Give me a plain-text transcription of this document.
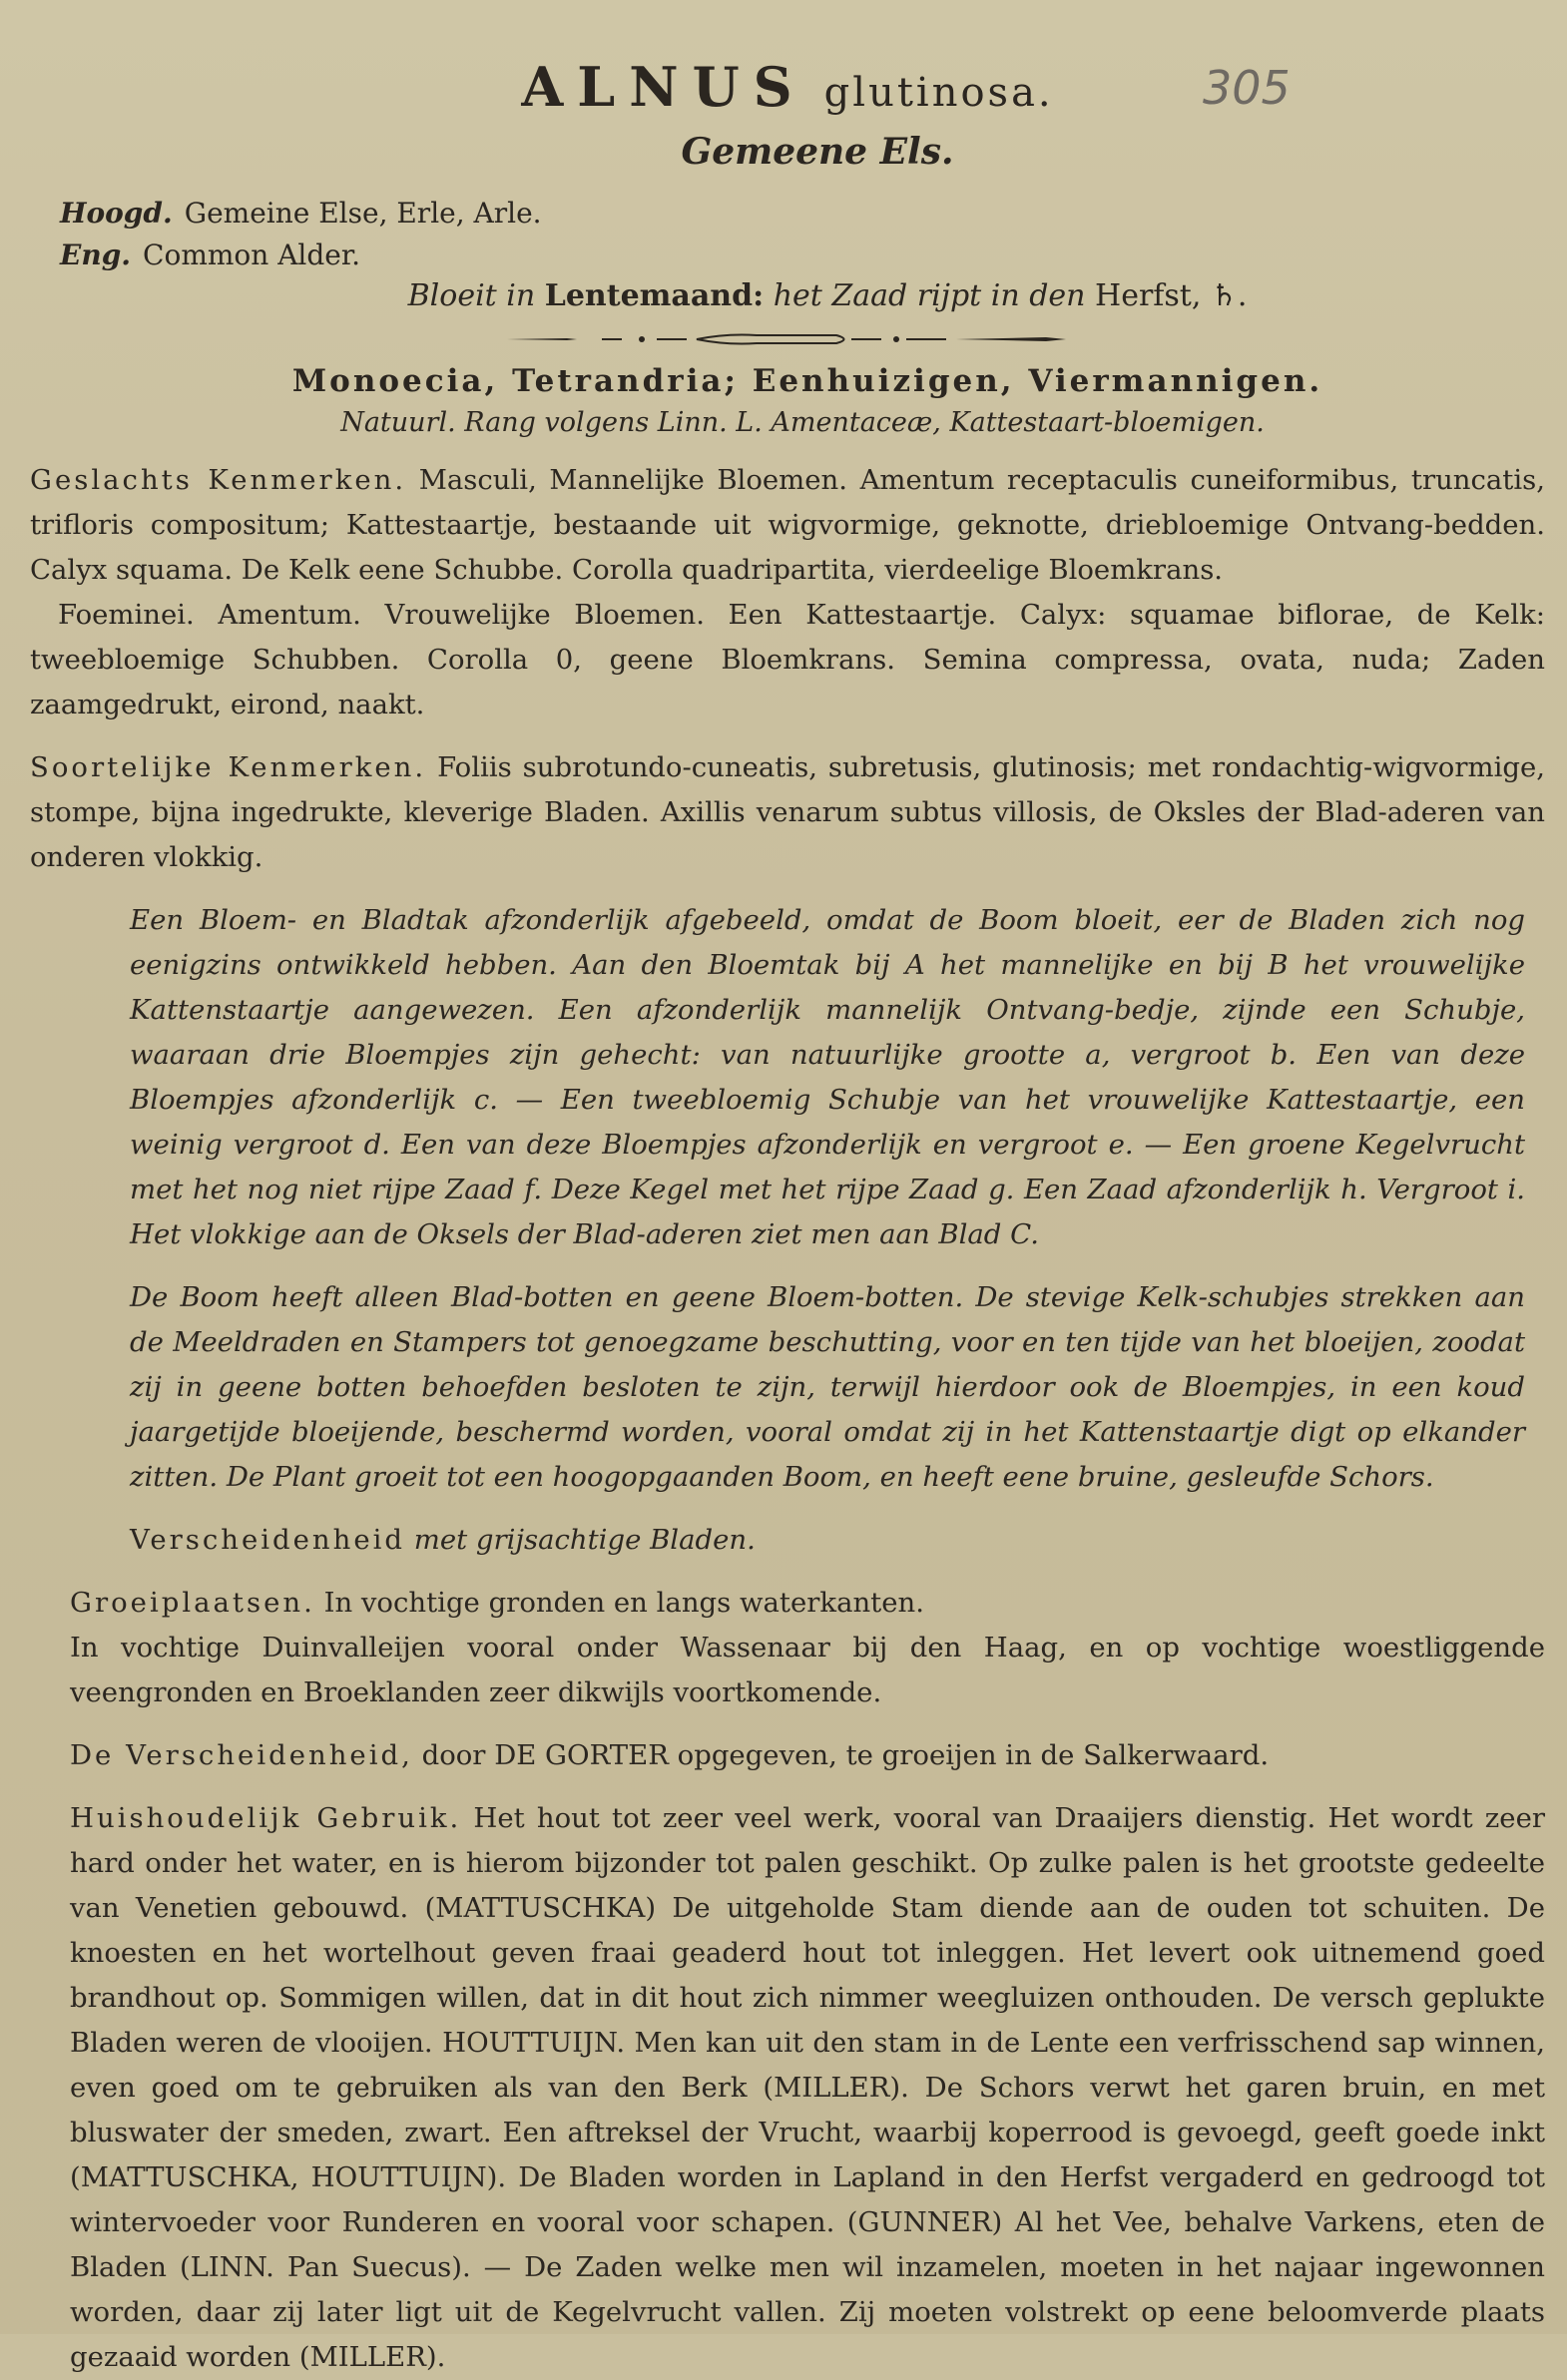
ALNUS glutinosa.	305
Gemeene Els.
Hoogd. Gemeine Else, Erle, Arle.
Eng. Common Alder.
Bloeit in Lentemaand: het Zaad rijpt in den Herfst, ♄.
Monoecia, Tetrandria; Eenhuizigen, Viermannigen.
Natuurl. Rang volgens Linn. L. Amentaceæ, Kattestaart-bloemigen.

Geslachts Kenmerken. Masculi, Mannelijke Bloemen. Amentum receptaculis cuneiformibus, truncatis, trifloris compositum; Kattestaartje, bestaande uit wigvormige, geknotte, driebloemige Ontvang-bedden. Calyx squama. De Kelk eene Schubbe. Corolla quadripartita, vierdeelige Bloemkrans.

Foeminei. Amentum. Vrouwelijke Bloemen. Een Kattestaartje. Calyx: squamae biflorae, de Kelk: tweebloemige Schubben. Corolla 0, geene Bloemkrans. Semina compressa, ovata, nuda; Zaden zaamgedrukt, eirond, naakt.

Soortelijke Kenmerken. Foliis subrotundo-cuneatis, subretusis, glutinosis; met rondachtig-wigvormige, stompe, bijna ingedrukte, kleverige Bladen. Axillis venarum subtus villosis, de Oksles der Blad-aderen van onderen vlokkig.

Een Bloem- en Bladtak afzonderlijk afgebeeld, omdat de Boom bloeit, eer de Bladen zich nog eenigzins ontwikkeld hebben. Aan den Bloemtak bij A het mannelijke en bij B het vrouwelijke Kattenstaartje aangewezen. Een afzonderlijk mannelijk Ontvang-bedje, zijnde een Schubje, waaraan drie Bloempjes zijn gehecht: van natuurlijke grootte a, vergroot b. Een van deze Bloempjes afzonderlijk c. — Een tweebloemig Schubje van het vrouwelijke Kattestaartje, een weinig vergroot d. Een van deze Bloempjes afzonderlijk en vergroot e. — Een groene Kegelvrucht met het nog niet rijpe Zaad f. Deze Kegel met het rijpe Zaad g. Een Zaad afzonderlijk h. Vergroot i. Het vlokkige aan de Oksels der Blad-aderen ziet men aan Blad C.

De Boom heeft alleen Blad-botten en geene Bloem-botten. De stevige Kelk-schubjes strekken aan de Meeldraden en Stampers tot genoegzame beschutting, voor en ten tijde van het bloeijen, zoodat zij in geene botten behoefden besloten te zijn, terwijl hierdoor ook de Bloempjes, in een koud jaargetijde bloeijende, beschermd worden, vooral omdat zij in het Kattenstaartje digt op elkander zitten. De Plant groeit tot een hoogopgaanden Boom, en heeft eene bruine, gesleufde Schors.

Verscheidenheid met grijsachtige Bladen.

Groeiplaatsen. In vochtige gronden en langs waterkanten.

In vochtige Duinvalleijen vooral onder Wassenaar bij den Haag, en op vochtige woestliggende veengronden en Broeklanden zeer dikwijls voortkomende.

De Verscheidenheid, door DE GORTER opgegeven, te groeijen in de Salkerwaard.

Huishoudelijk Gebruik. Het hout tot zeer veel werk, vooral van Draaijers dienstig. Het wordt zeer hard onder het water, en is hierom bijzonder tot palen geschikt. Op zulke palen is het grootste gedeelte van Venetien gebouwd. (MATTUSCHKA) De uitgeholde Stam diende aan de ouden tot schuiten. De knoesten en het wortelhout geven fraai geaderd hout tot inleggen. Het levert ook uitnemend goed brandhout op. Sommigen willen, dat in dit hout zich nimmer weegluizen onthouden. De versch geplukte Bladen weren de vlooijen. HOUTTUIJN. Men kan uit den stam in de Lente een verfrisschend sap winnen, even goed om te gebruiken als van den Berk (MILLER). De Schors verwt het garen bruin, en met bluswater der smeden, zwart. Een aftreksel der Vrucht, waarbij koperrood is gevoegd, geeft goede inkt (MATTUSCHKA, HOUTTUIJN). De Bladen worden in Lapland in den Herfst vergaderd en gedroogd tot wintervoeder voor Runderen en vooral voor schapen. (GUNNER) Al het Vee, behalve Varkens, eten de Bladen (LINN. Pan Suecus). — De Zaden welke men wil inzamelen, moeten in het najaar ingewonnen worden, daar zij later ligt uit de Kegelvrucht vallen. Zij moeten volstrekt op eene beloomverde plaats gezaaid worden (MILLER).
